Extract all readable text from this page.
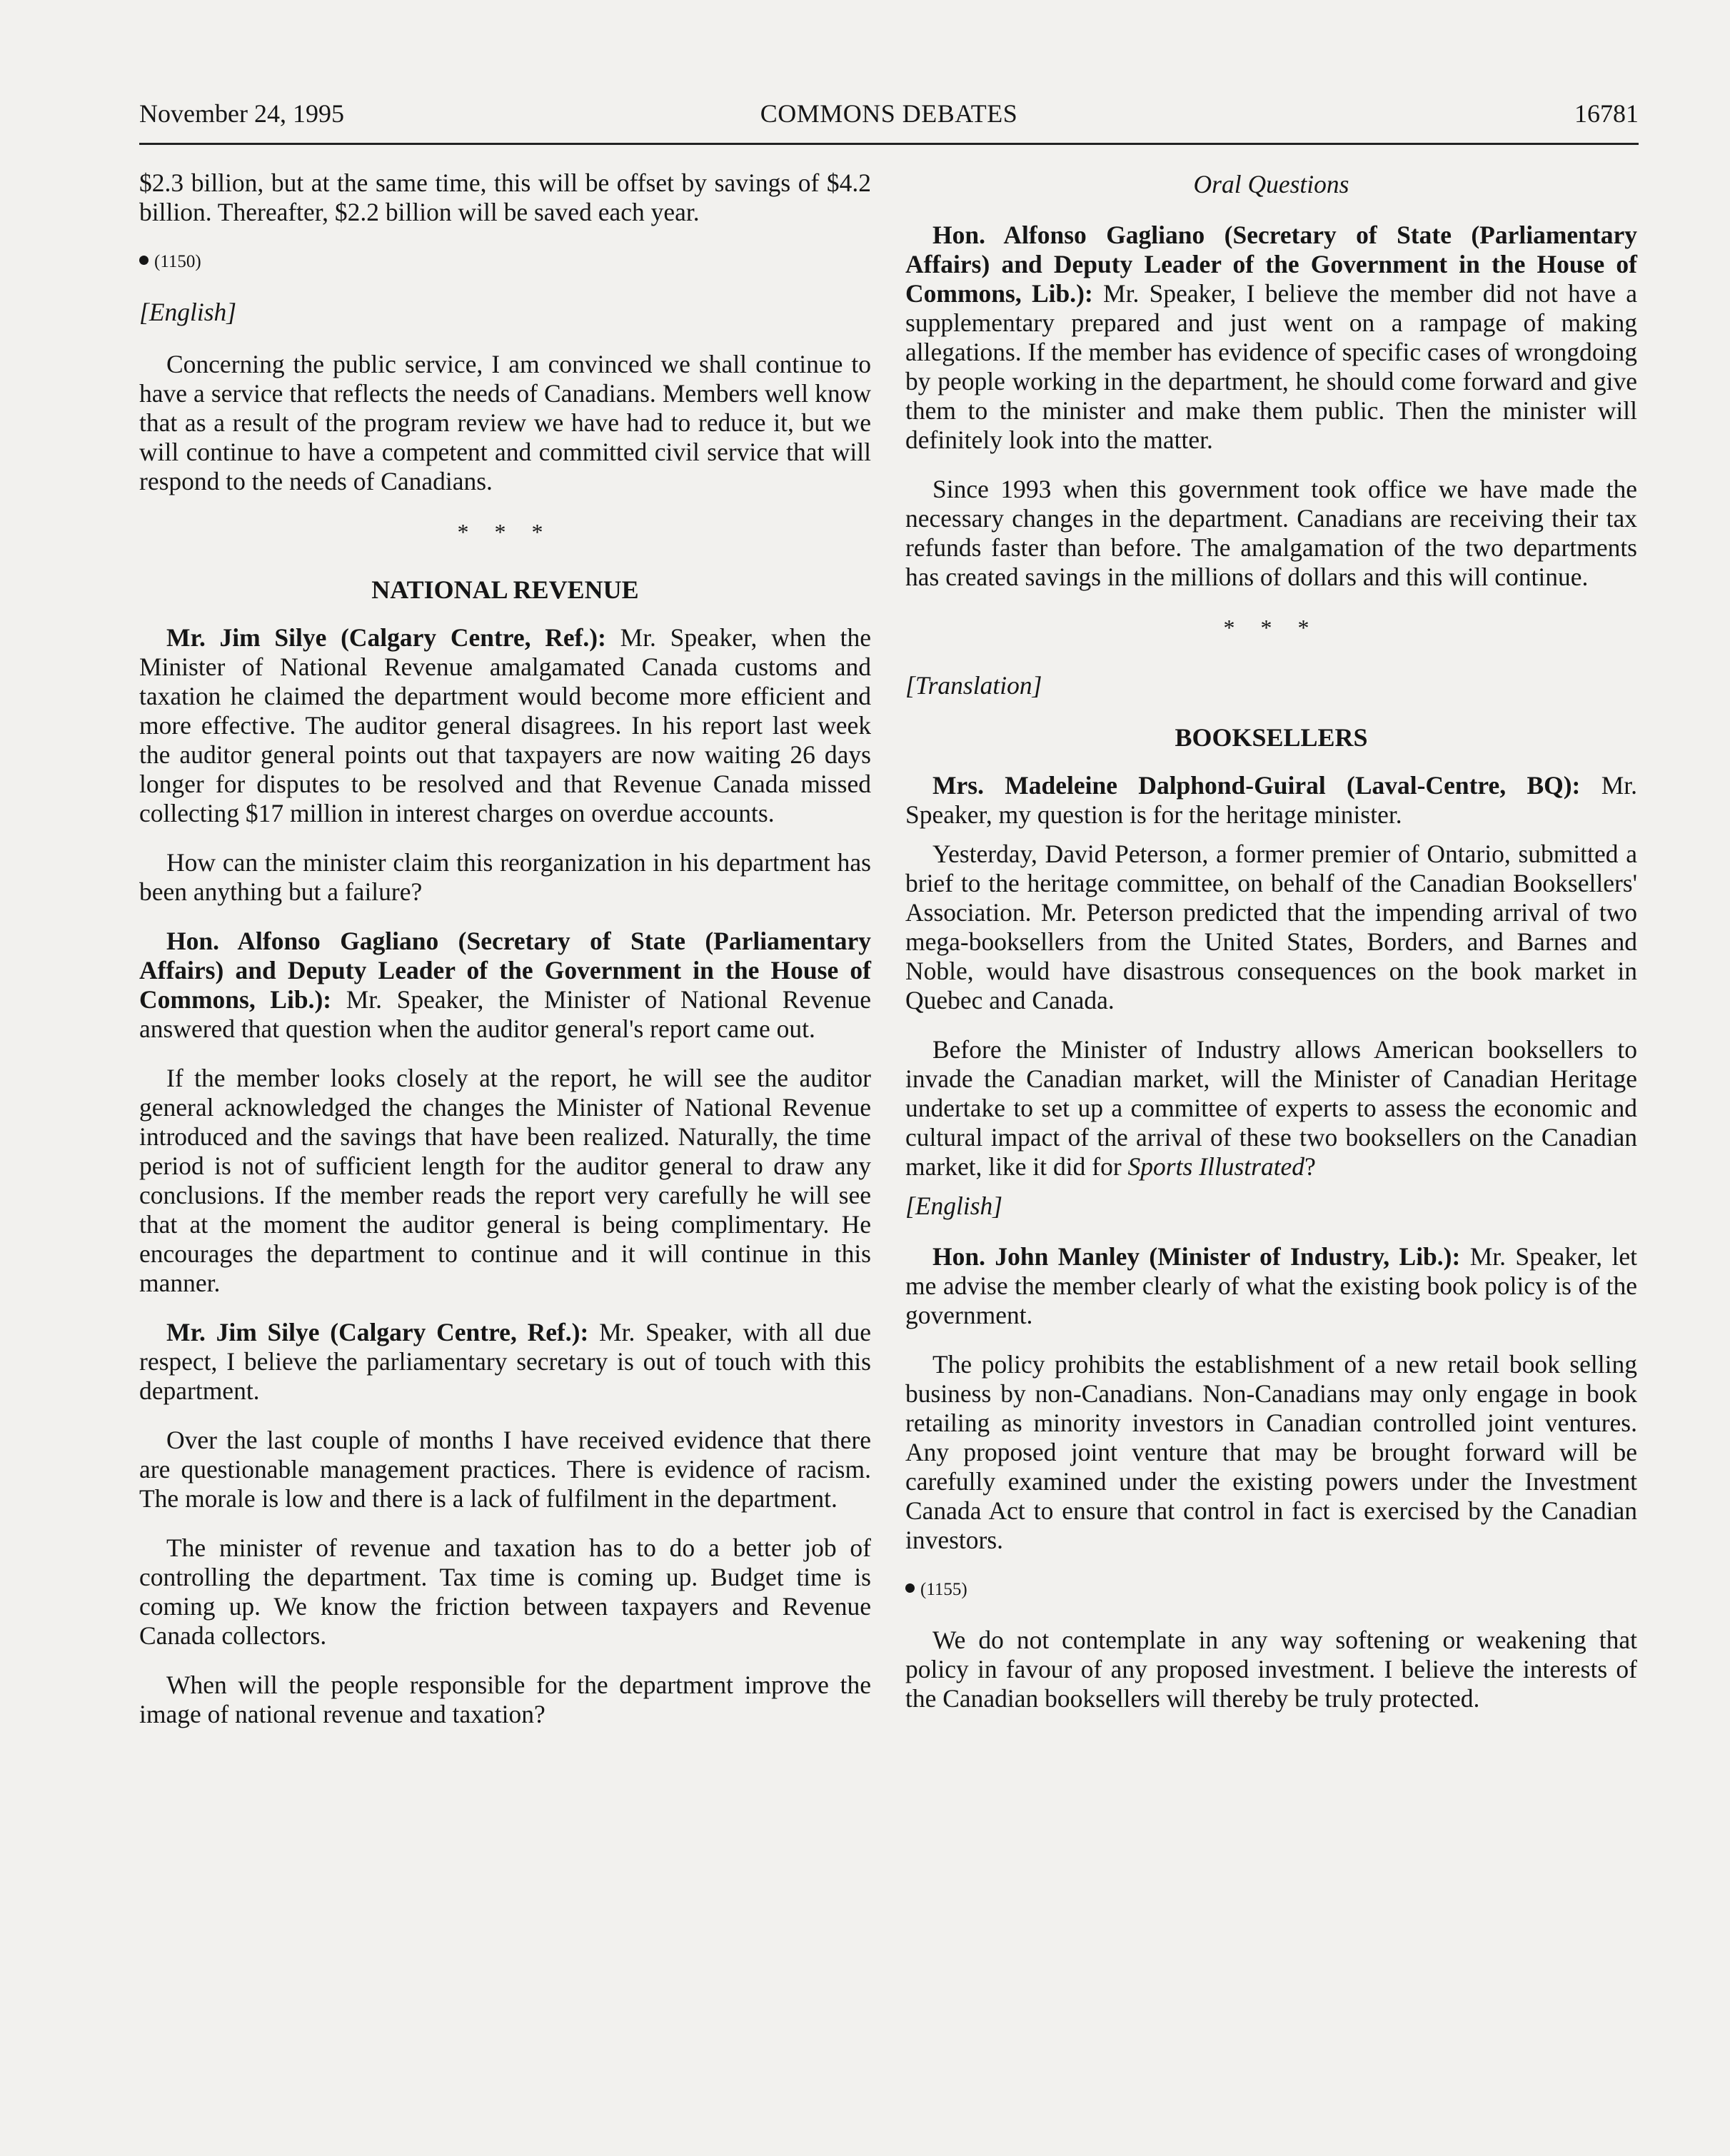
November 24, 1995	COMMONS DEBATES	16781

$2.3 billion, but at the same time, this will be offset by savings of $4.2 billion. Thereafter, $2.2 billion will be saved each year.

(1150)
[English]

Concerning the public service, I am convinced we shall continue to have a service that reflects the needs of Canadians. Members well know that as a result of the program review we have had to reduce it, but we will continue to have a competent and committed civil service that will respond to the needs of Canadians.

* * *
NATIONAL REVENUE

Mr. Jim Silye (Calgary Centre, Ref.): Mr. Speaker, when the Minister of National Revenue amalgamated Canada customs and taxation he claimed the department would become more efficient and more effective. The auditor general disagrees. In his report last week the auditor general points out that taxpayers are now waiting 26 days longer for disputes to be resolved and that Revenue Canada missed collecting $17 million in interest charges on overdue accounts.

How can the minister claim this reorganization in his department has been anything but a failure?

Hon. Alfonso Gagliano (Secretary of State (Parliamentary Affairs) and Deputy Leader of the Government in the House of Commons, Lib.): Mr. Speaker, the Minister of National Revenue answered that question when the auditor general's report came out.

If the member looks closely at the report, he will see the auditor general acknowledged the changes the Minister of National Revenue introduced and the savings that have been realized. Naturally, the time period is not of sufficient length for the auditor general to draw any conclusions. If the member reads the report very carefully he will see that at the moment the auditor general is being complimentary. He encourages the department to continue and it will continue in this manner.

Mr. Jim Silye (Calgary Centre, Ref.): Mr. Speaker, with all due respect, I believe the parliamentary secretary is out of touch with this department.

Over the last couple of months I have received evidence that there are questionable management practices. There is evidence of racism. The morale is low and there is a lack of fulfilment in the department.

The minister of revenue and taxation has to do a better job of controlling the department. Tax time is coming up. Budget time is coming up. We know the friction between taxpayers and Revenue Canada collectors.

When will the people responsible for the department improve the image of national revenue and taxation?

Oral Questions

Hon. Alfonso Gagliano (Secretary of State (Parliamentary Affairs) and Deputy Leader of the Government in the House of Commons, Lib.): Mr. Speaker, I believe the member did not have a supplementary prepared and just went on a rampage of making allegations. If the member has evidence of specific cases of wrongdoing by people working in the department, he should come forward and give them to the minister and make them public. Then the minister will definitely look into the matter.

Since 1993 when this government took office we have made the necessary changes in the department. Canadians are receiving their tax refunds faster than before. The amalgamation of the two departments has created savings in the millions of dollars and this will continue.

* * *
[Translation]
BOOKSELLERS

Mrs. Madeleine Dalphond-Guiral (Laval-Centre, BQ): Mr. Speaker, my question is for the heritage minister.

Yesterday, David Peterson, a former premier of Ontario, submitted a brief to the heritage committee, on behalf of the Canadian Booksellers' Association. Mr. Peterson predicted that the impending arrival of two mega-booksellers from the United States, Borders, and Barnes and Noble, would have disastrous consequences on the book market in Quebec and Canada.

Before the Minister of Industry allows American booksellers to invade the Canadian market, will the Minister of Canadian Heritage undertake to set up a committee of experts to assess the economic and cultural impact of the arrival of these two booksellers on the Canadian market, like it did for Sports Illustrated?

[English]

Hon. John Manley (Minister of Industry, Lib.): Mr. Speaker, let me advise the member clearly of what the existing book policy is of the government.

The policy prohibits the establishment of a new retail book selling business by non-Canadians. Non-Canadians may only engage in book retailing as minority investors in Canadian controlled joint ventures. Any proposed joint venture that may be brought forward will be carefully examined under the existing powers under the Investment Canada Act to ensure that control in fact is exercised by the Canadian investors.

(1155)

We do not contemplate in any way softening or weakening that policy in favour of any proposed investment. I believe the interests of the Canadian booksellers will thereby be truly protected.
